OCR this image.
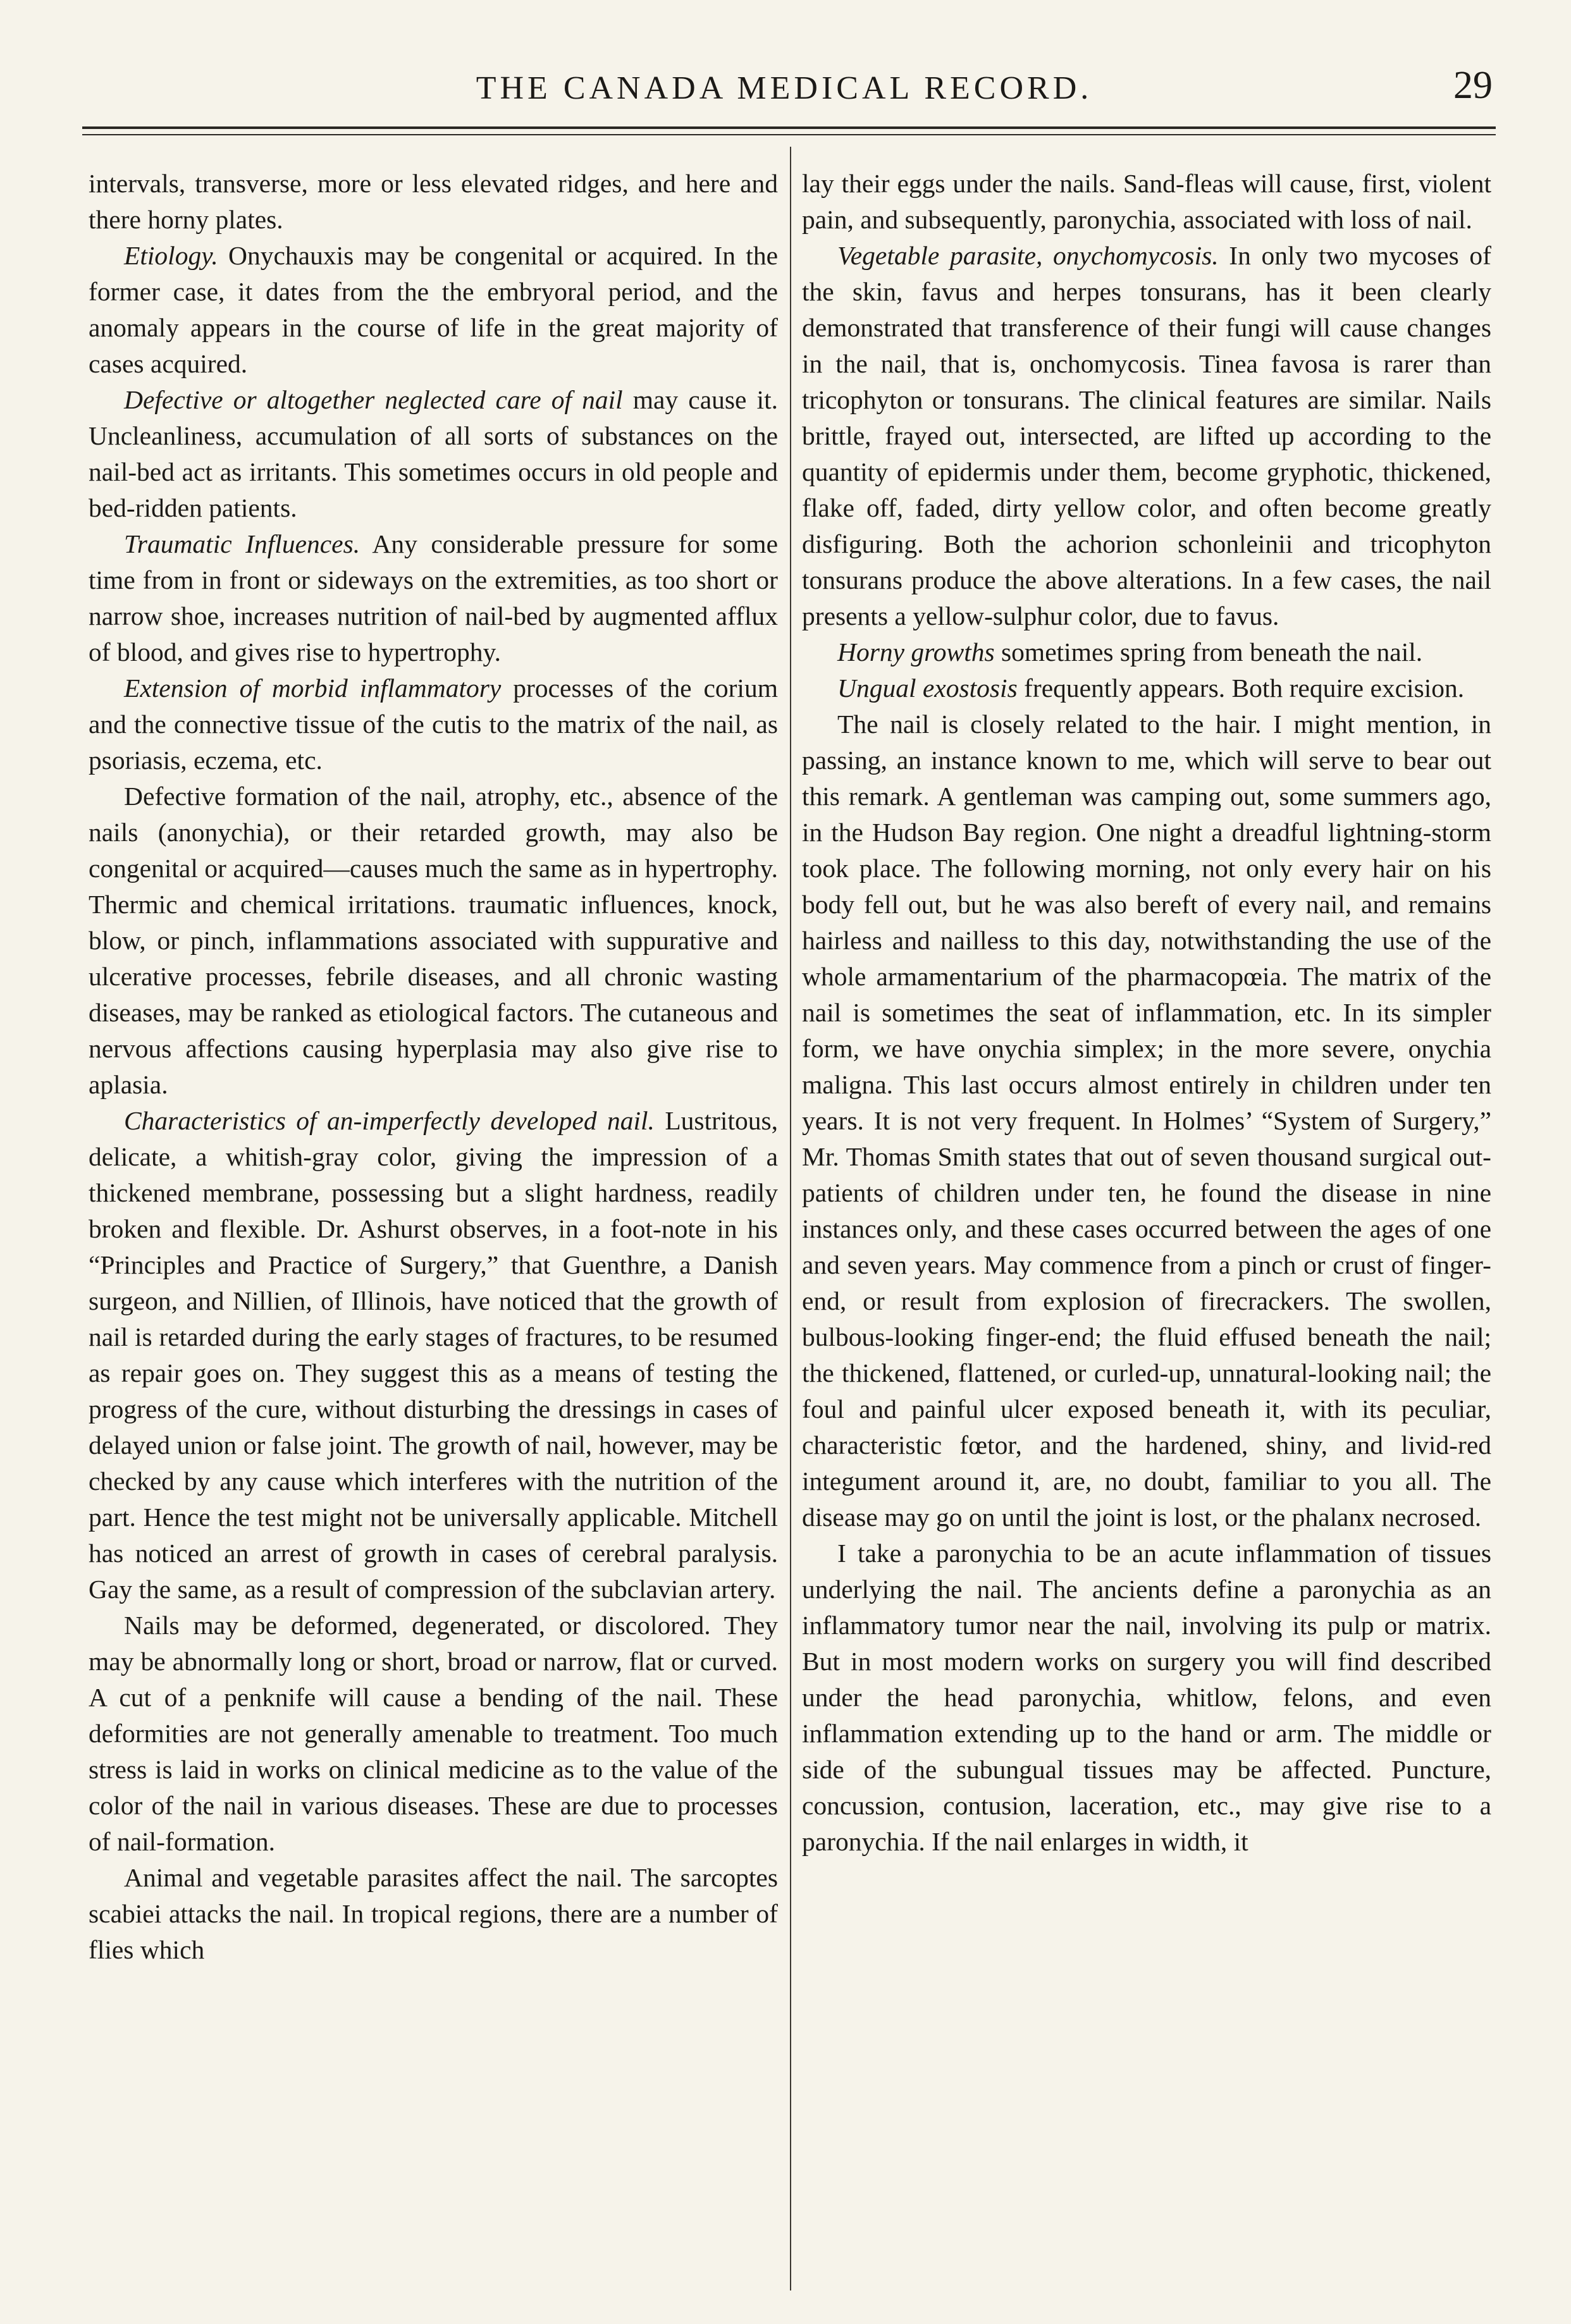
THE CANADA MEDICAL RECORD.	29

intervals, transverse, more or less elevated ridges, and here and there horny plates.

Etiology. Onychauxis may be congenital or acquired. In the former case, it dates from the the embryoral period, and the anomaly appears in the course of life in the great majority of cases acquired.

Defective or altogether neglected care of nail may cause it. Uncleanliness, accumulation of all sorts of substances on the nail-bed act as irritants. This sometimes occurs in old people and bed-ridden patients.

Traumatic Influences. Any considerable pressure for some time from in front or sideways on the extremities, as too short or narrow shoe, increases nutrition of nail-bed by augmented afflux of blood, and gives rise to hypertrophy.

Extension of morbid inflammatory processes of the corium and the connective tissue of the cutis to the matrix of the nail, as psoriasis, eczema, etc.

Defective formation of the nail, atrophy, etc., absence of the nails (anonychia), or their retarded growth, may also be congenital or acquired—causes much the same as in hypertrophy. Thermic and chemical irritations. traumatic influences, knock, blow, or pinch, inflammations associated with suppurative and ulcerative processes, febrile diseases, and all chronic wasting diseases, may be ranked as etiological factors. The cutaneous and nervous affections causing hyperplasia may also give rise to aplasia.

Characteristics of an-imperfectly developed nail. Lustritous, delicate, a whitish-gray color, giving the impression of a thickened membrane, possessing but a slight hardness, readily broken and flexible. Dr. Ashurst observes, in a foot-note in his “Principles and Practice of Surgery,” that Guenthre, a Danish surgeon, and Nillien, of Illinois, have noticed that the growth of nail is retarded during the early stages of fractures, to be resumed as repair goes on. They suggest this as a means of testing the progress of the cure, without disturbing the dressings in cases of delayed union or false joint. The growth of nail, however, may be checked by any cause which interferes with the nutrition of the part. Hence the test might not be universally applicable. Mitchell has noticed an arrest of growth in cases of cerebral paralysis. Gay the same, as a result of compression of the subclavian artery.

Nails may be deformed, degenerated, or discolored. They may be abnormally long or short, broad or narrow, flat or curved. A cut of a penknife will cause a bending of the nail. These deformities are not generally amenable to treatment. Too much stress is laid in works on clinical medicine as to the value of the color of the nail in various diseases. These are due to processes of nail-formation.

Animal and vegetable parasites affect the nail. The sarcoptes scabiei attacks the nail. In tropical regions, there are a number of flies which

lay their eggs under the nails. Sand-fleas will cause, first, violent pain, and subsequently, paronychia, associated with loss of nail.

Vegetable parasite, onychomycosis. In only two mycoses of the skin, favus and herpes tonsurans, has it been clearly demonstrated that transference of their fungi will cause changes in the nail, that is, onchomycosis. Tinea favosa is rarer than tricophyton or tonsurans. The clinical features are similar. Nails brittle, frayed out, intersected, are lifted up according to the quantity of epidermis under them, become gryphotic, thickened, flake off, faded, dirty yellow color, and often become greatly disfiguring. Both the achorion schonleinii and tricophyton tonsurans produce the above alterations. In a few cases, the nail presents a yellow-sulphur color, due to favus.

Horny growths sometimes spring from beneath the nail.

Ungual exostosis frequently appears. Both require excision.

The nail is closely related to the hair. I might mention, in passing, an instance known to me, which will serve to bear out this remark. A gentleman was camping out, some summers ago, in the Hudson Bay region. One night a dreadful lightning-storm took place. The following morning, not only every hair on his body fell out, but he was also bereft of every nail, and remains hairless and nailless to this day, notwithstanding the use of the whole armamentarium of the pharmacopœia. The matrix of the nail is sometimes the seat of inflammation, etc. In its simpler form, we have onychia simplex; in the more severe, onychia maligna. This last occurs almost entirely in children under ten years. It is not very frequent. In Holmes’ “System of Surgery,” Mr. Thomas Smith states that out of seven thousand surgical out-patients of children under ten, he found the disease in nine instances only, and these cases occurred between the ages of one and seven years. May commence from a pinch or crust of finger-end, or result from explosion of firecrackers. The swollen, bulbous-looking finger-end; the fluid effused beneath the nail; the thickened, flattened, or curled-up, unnatural-looking nail; the foul and painful ulcer exposed beneath it, with its peculiar, characteristic fœtor, and the hardened, shiny, and livid-red integument around it, are, no doubt, familiar to you all. The disease may go on until the joint is lost, or the phalanx necrosed.

I take a paronychia to be an acute inflammation of tissues underlying the nail. The ancients define a paronychia as an inflammatory tumor near the nail, involving its pulp or matrix. But in most modern works on surgery you will find described under the head paronychia, whitlow, felons, and even inflammation extending up to the hand or arm. The middle or side of the subungual tissues may be affected. Puncture, concussion, contusion, laceration, etc., may give rise to a paronychia. If the nail enlarges in width, it
